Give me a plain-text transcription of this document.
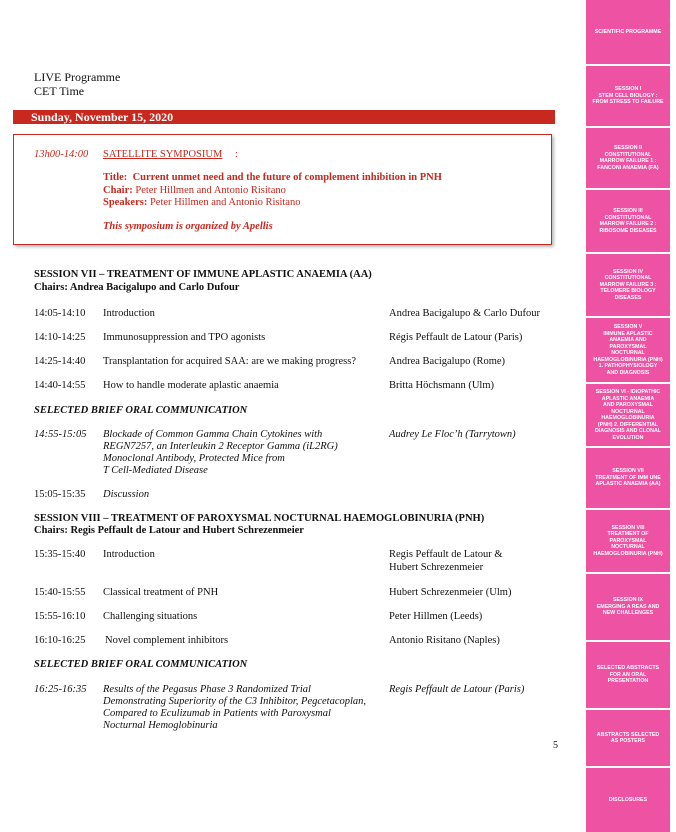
LIVE Programme
CET Time
Sunday, November 15, 2020
13h00-14:00 SATELLITE SYMPOSIUM :
Title: Current unmet need and the future of complement inhibition in PNH
Chair: Peter Hillmen and Antonio Risitano
Speakers: Peter Hillmen and Antonio Risitano
This symposium is organized by Apellis
SESSION VII – TREATMENT OF IMMUNE APLASTIC ANAEMIA (AA)
Chairs: Andrea Bacigalupo and Carlo Dufour
14:05-14:10 Introduction	Andrea Bacigalupo & Carlo Dufour
14:10-14:25 Immunosuppression and TPO agonists	Régis Peffault de Latour (Paris)
14:25-14:40 Transplantation for acquired SAA: are we making progress?	Andrea Bacigalupo (Rome)
14:40-14:55 How to handle moderate aplastic anaemia	Britta Höchsmann (Ulm)
SELECTED BRIEF ORAL COMMUNICATION
14:55-15:05 Blockade of Common Gamma Chain Cytokines with
REGN7257, an Interleukin 2 Receptor Gamma (iL2RG)
Monoclonal Antibody, Protected Mice from
T Cell-Mediated Disease
Audrey Le Floc’h (Tarrytown)
15:05-15:35 Discussion
SESSION VIII – TREATMENT OF PAROXYSMAL NOCTURNAL HAEMOGLOBINURIA (PNH)
Chairs: Regis Peffault de Latour and Hubert Schrezenmeier
15:35-15:40 Introduction	Regis Peffault de Latour &
Hubert Schrezenmeier
15:40-15:55 Classical treatment of PNH	Hubert Schrezenmeier (Ulm)
15:55-16:10 Challenging situations	Peter Hillmen (Leeds)
16:10-16:25 Novel complement inhibitors	Antonio Risitano (Naples)
SELECTED BRIEF ORAL COMMUNICATION
16:25-16:35 Results of the Pegasus Phase 3 Randomized Trial
Demonstrating Superiority of the C3 Inhibitor, Pegcetacoplan,
Compared to Eculizumab in Patients with Paroxysmal
Nocturnal Hemoglobinuria
Regis Peffault de Latour (Paris)
5
SCIENTIFIC PROGRAMME
SESSION I
STEM CELL BIOLOGY :
FROM STRESS TO FAILURE
SESSION II
CONSTITUTIONAL
MARROW FAILURE 1 :
FANCONI ANAEMIA (FA)
SESSION III
CONSTITUTIONAL
MARROW FAILURE 2 :
RIBOSOME DISEASES
SESSION IV
CONSTITUTIONAL
MARROW FAILURE 3 :
TELOMERE BIOLOGY
DISEASES
SESSION V
IMMUNE APLASTIC
ANAEMIA AND
PAROXYSMAL
NOCTURNAL
HAEMOGLOBINURIA (PNH)
1. PATHOPHYSIOLOGY
AND DIAGNOSIS
SESSION VI - IDIOPATHIC
APLASTIC ANAEMIA
AND PAROXYSMAL
NOCTURNAL
HAEMOGLOBINURIA
(PNH) 2. DIFFERENTIAL
DIAGNOSIS AND CLONAL
EVOLUTION
SESSION VII
TREATMENT OF IMM UNE
APLASTIC ANAEMIA (AA)
SESSION VIII
TREATMENT OF
PAROXYSMAL
NOCTURNAL
HAEMOGLOBINURIA (PNH)
SESSION IX
EMERGING A REAS AND
NEW CHALLENGES
SELECTED ABSTRACTS
FOR AN ORAL
PRESENTATION
ABSTRACTS SELECTED
AS POSTERS
DISCLOSURES
